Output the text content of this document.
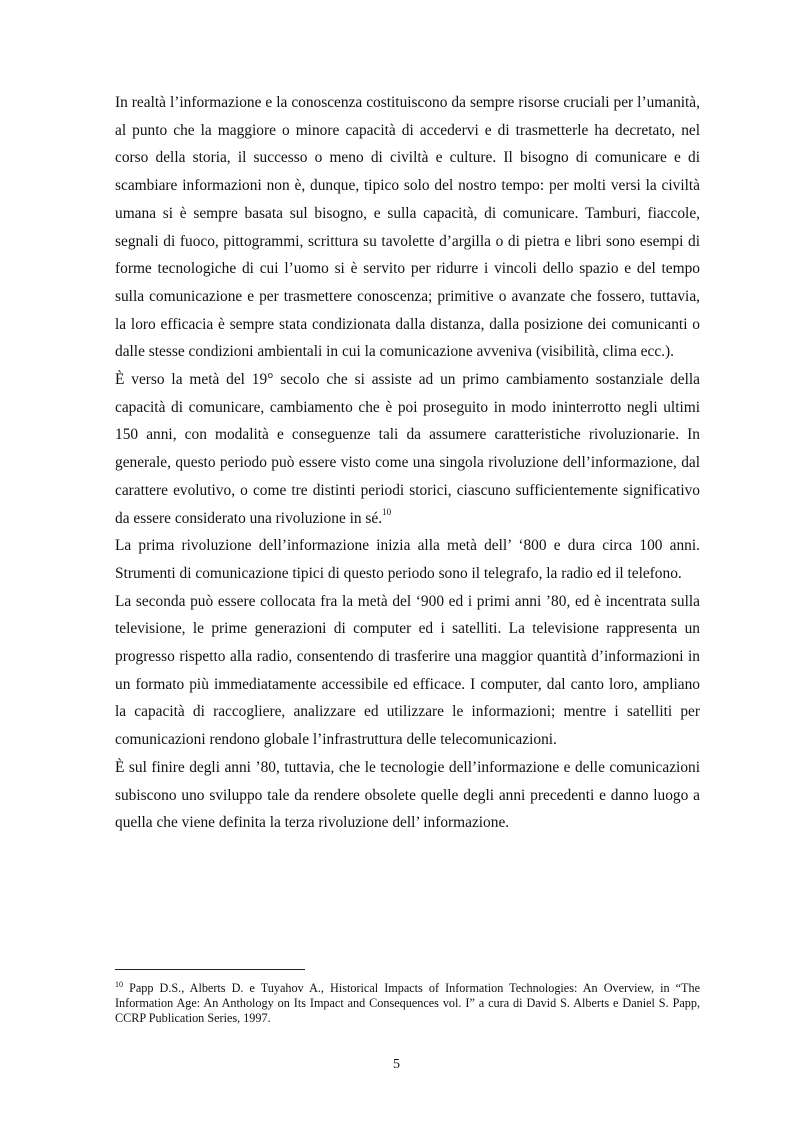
In realtà l’informazione e la conoscenza costituiscono da sempre risorse cruciali per l’umanità, al punto che la maggiore o minore capacità di accedervi e di trasmetterle ha decretato, nel corso della storia, il successo o meno di civiltà e culture. Il bisogno di comunicare e di scambiare informazioni non è, dunque, tipico solo del nostro tempo: per molti versi la civiltà umana si è sempre basata sul bisogno, e sulla capacità, di comunicare. Tamburi, fiaccole, segnali di fuoco, pittogrammi, scrittura su tavolette d’argilla o di pietra e libri sono esempi di forme tecnologiche di cui l’uomo si è servito per ridurre i vincoli dello spazio e del tempo sulla comunicazione e per trasmettere conoscenza; primitive o avanzate che fossero, tuttavia, la loro efficacia è sempre stata condizionata dalla distanza, dalla posizione dei comunicanti o dalle stesse condizioni ambientali in cui la comunicazione avveniva (visibilità, clima ecc.).

È verso la metà del 19° secolo che si assiste ad un primo cambiamento sostanziale della capacità di comunicare, cambiamento che è poi proseguito in modo ininterrotto negli ultimi 150 anni, con modalità e conseguenze tali da assumere caratteristiche rivoluzionarie. In generale, questo periodo può essere visto come una singola rivoluzione dell’informazione, dal carattere evolutivo, o come tre distinti periodi storici, ciascuno sufficientemente significativo da essere considerato una rivoluzione in sé.$^{10}$

La prima rivoluzione dell’informazione inizia alla metà dell’ ‘800 e dura circa 100 anni. Strumenti di comunicazione tipici di questo periodo sono il telegrafo, la radio ed il telefono.

La seconda può essere collocata fra la metà del ‘900 ed i primi anni ’80, ed è incentrata sulla televisione, le prime generazioni di computer ed i satelliti. La televisione rappresenta un progresso rispetto alla radio, consentendo di trasferire una maggior quantità d’informazioni in un formato più immediatamente accessibile ed efficace. I computer, dal canto loro, ampliano la capacità di raccogliere, analizzare ed utilizzare le informazioni; mentre i satelliti per comunicazioni rendono globale l’infrastruttura delle telecomunicazioni.

È sul finire degli anni ’80, tuttavia, che le tecnologie dell’informazione e delle comunicazioni subiscono uno sviluppo tale da rendere obsolete quelle degli anni precedenti e danno luogo a quella che viene definita la terza rivoluzione dell’ informazione.

$^{10}$ Papp D.S., Alberts D. e Tuyahov A., Historical Impacts of Information Technologies: An Overview, in “The Information Age: An Anthology on Its Impact and Consequences vol. I” a cura di David S. Alberts e Daniel S. Papp, CCRP Publication Series, 1997.

5
